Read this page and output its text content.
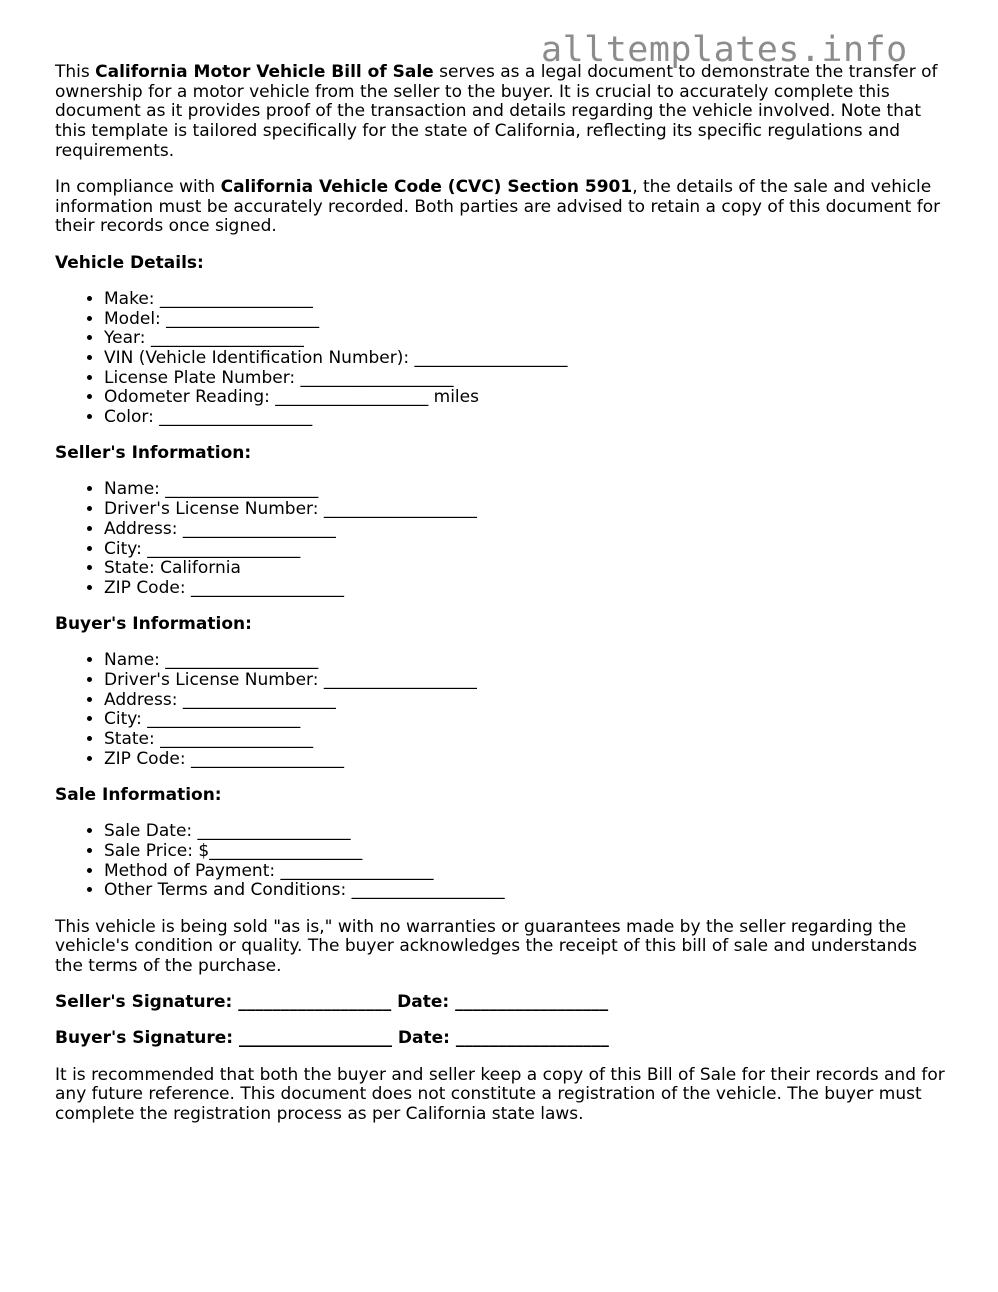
alltemplates.info

This California Motor Vehicle Bill of Sale serves as a legal document to demonstrate the transfer of ownership for a motor vehicle from the seller to the buyer. It is crucial to accurately complete this document as it provides proof of the transaction and details regarding the vehicle involved. Note that this template is tailored specifically for the state of California, reflecting its specific regulations and requirements.

In compliance with California Vehicle Code (CVC) Section 5901, the details of the sale and vehicle information must be accurately recorded. Both parties are advised to retain a copy of this document for their records once signed.

Vehicle Details:
• Make: __________________
• Model: __________________
• Year: __________________
• VIN (Vehicle Identification Number): __________________
• License Plate Number: __________________
• Odometer Reading: __________________ miles
• Color: __________________
Seller's Information:
• Name: __________________
• Driver's License Number: __________________
• Address: __________________
• City: __________________
• State: California
• ZIP Code: __________________
Buyer's Information:
• Name: __________________
• Driver's License Number: __________________
• Address: __________________
• City: __________________
• State: __________________
• ZIP Code: __________________
Sale Information:
• Sale Date: __________________
• Sale Price: $__________________
• Method of Payment: __________________
• Other Terms and Conditions: __________________

This vehicle is being sold "as is," with no warranties or guarantees made by the seller regarding the vehicle's condition or quality. The buyer acknowledges the receipt of this bill of sale and understands the terms of the purchase.

Seller's Signature: __________________ Date: __________________
Buyer's Signature: __________________ Date: __________________

It is recommended that both the buyer and seller keep a copy of this Bill of Sale for their records and for any future reference. This document does not constitute a registration of the vehicle. The buyer must complete the registration process as per California state laws.
